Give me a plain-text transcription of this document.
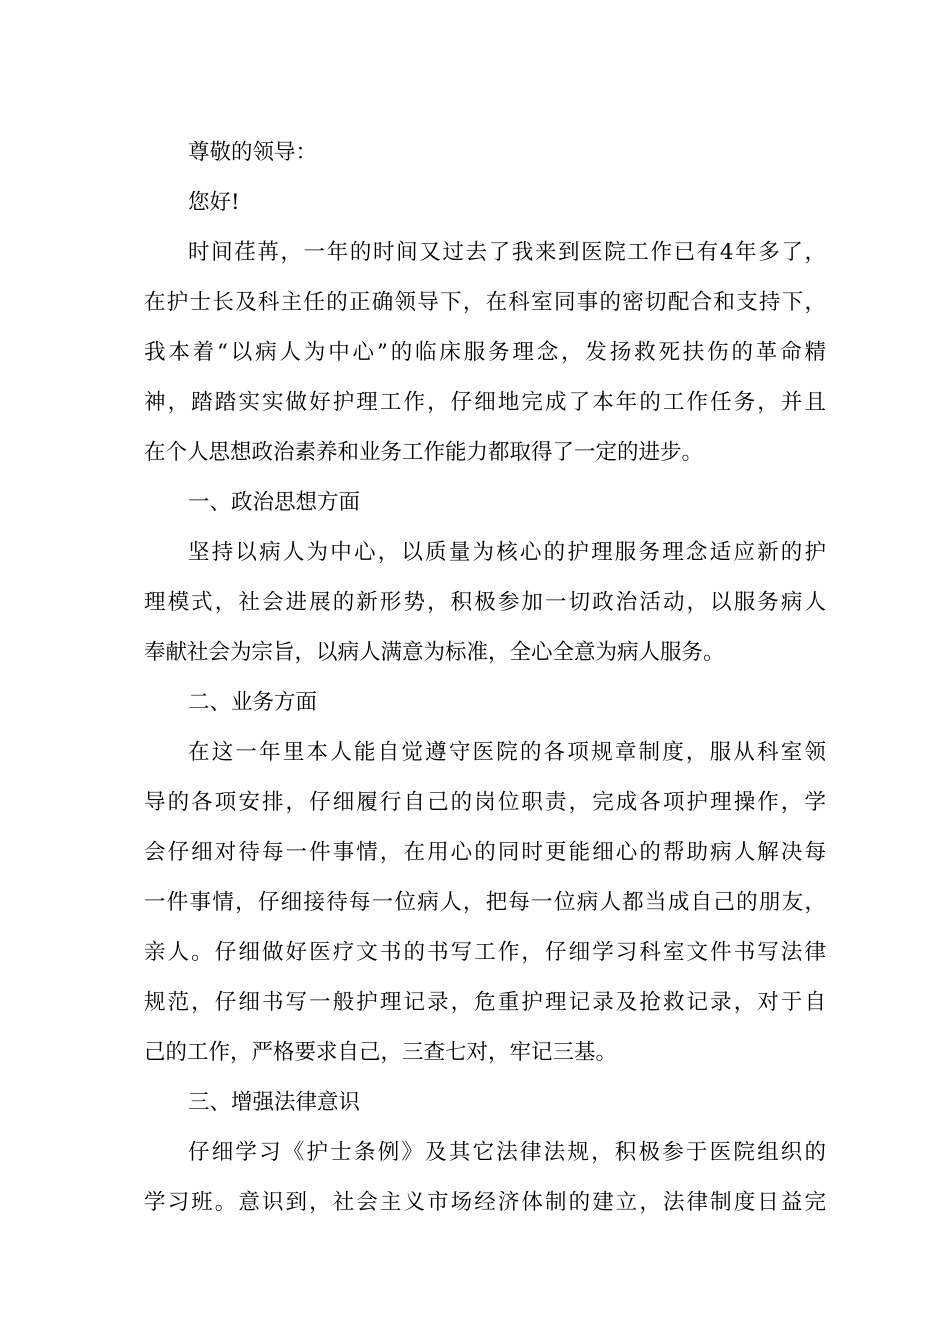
尊敬的领导：
您好!
时间荏苒，一年的时间又过去了我来到医院工作已有4年多了，
在护士长及科主任的正确领导下，在科室同事的密切配合和支持下，
我本着“以病人为中心”的临床服务理念，发扬救死扶伤的革命精
神，踏踏实实做好护理工作，仔细地完成了本年的工作任务，并且
在个人思想政治素养和业务工作能力都取得了一定的进步。
一、政治思想方面
坚持以病人为中心，以质量为核心的护理服务理念适应新的护
理模式，社会进展的新形势，积极参加一切政治活动，以服务病人
奉献社会为宗旨，以病人满意为标准，全心全意为病人服务。
二、业务方面
在这一年里本人能自觉遵守医院的各项规章制度，服从科室领
导的各项安排，仔细履行自己的岗位职责，完成各项护理操作，学
会仔细对待每一件事情，在用心的同时更能细心的帮助病人解决每
一件事情，仔细接待每一位病人，把每一位病人都当成自己的朋友，
亲人。仔细做好医疗文书的书写工作，仔细学习科室文件书写法律
规范，仔细书写一般护理记录，危重护理记录及抢救记录，对于自
己的工作，严格要求自己，三查七对，牢记三基。
三、增强法律意识
仔细学习《护士条例》及其它法律法规，积极参于医院组织的
学习班。意识到，社会主义市场经济体制的建立，法律制度日益完
